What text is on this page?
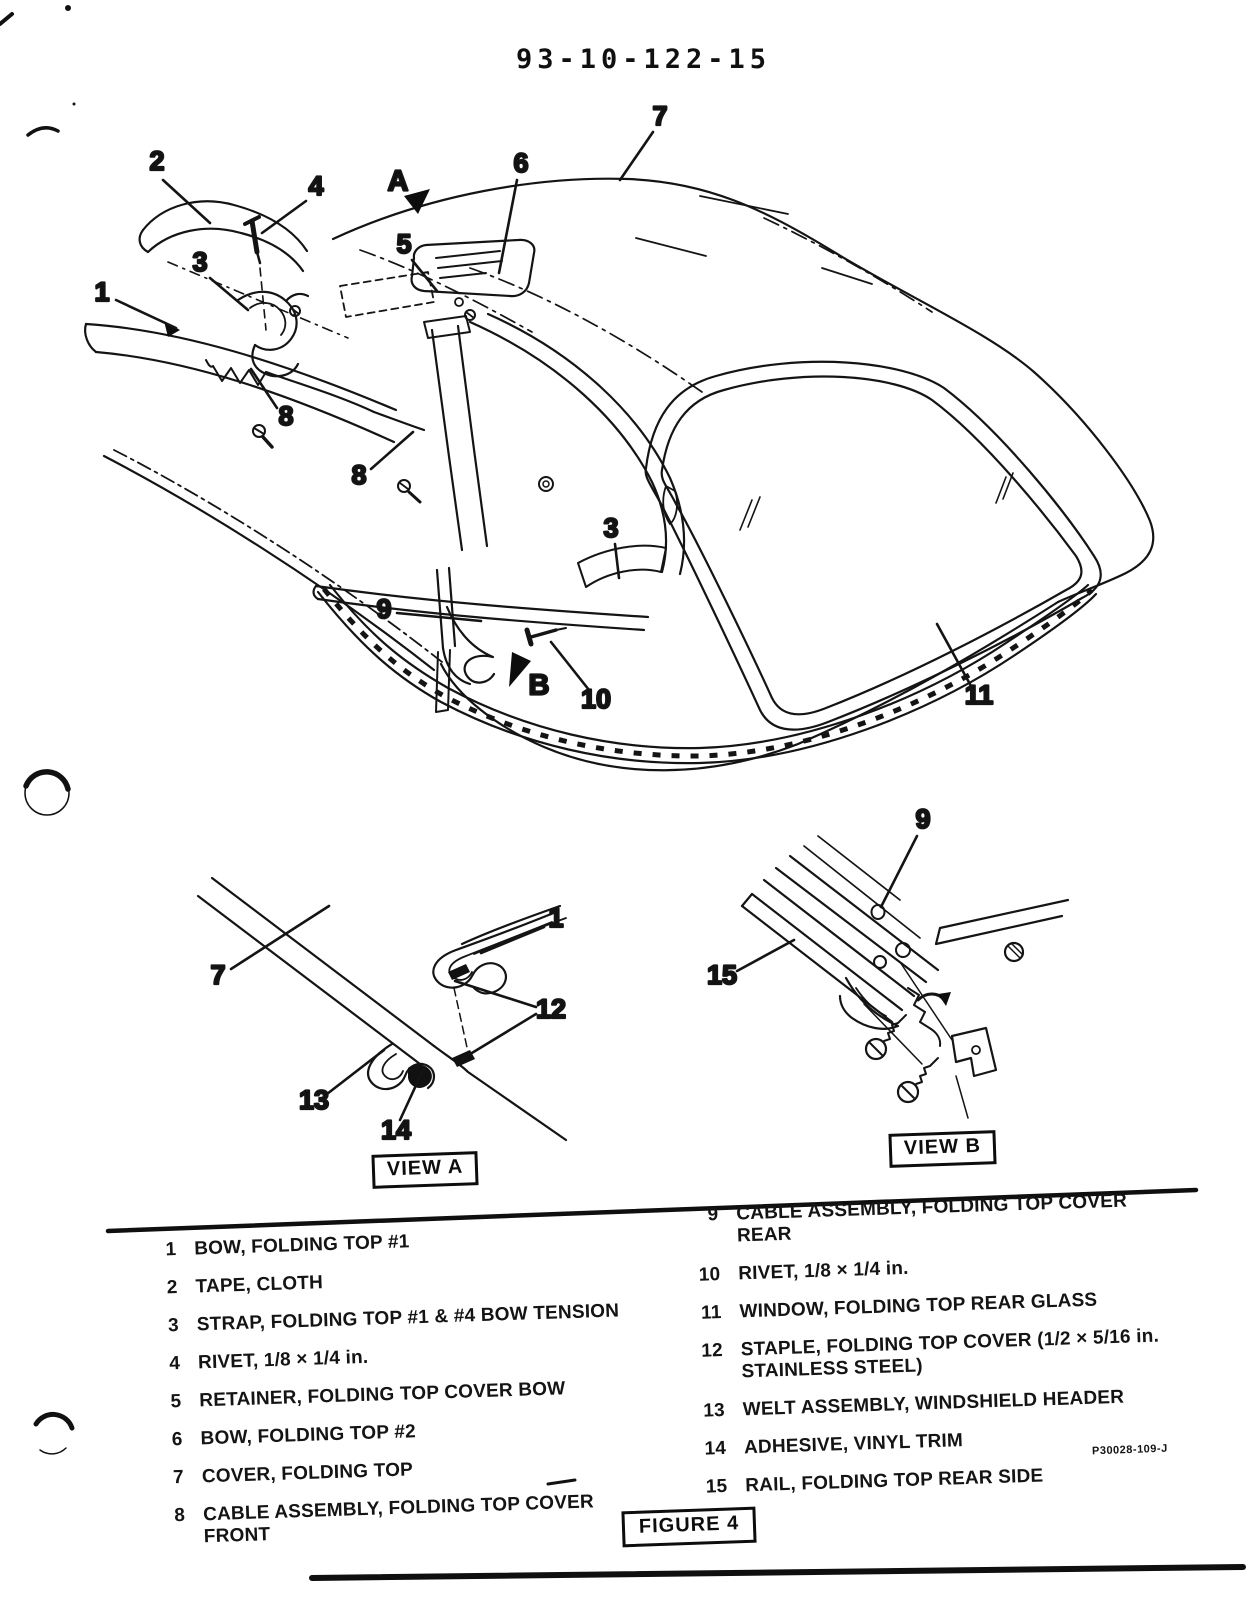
2
4
6
7
5
3
1
8
8
3
9
10	11
A
B
7
1
12
13
14
9
15
93-10-122-15
VIEW A
VIEW B
1 BOW, FOLDING TOP #1
2 TAPE, CLOTH
3 STRAP, FOLDING TOP #1 & #4 BOW TENSION
4 RIVET, 1/8 × 1/4 in.
5 RETAINER, FOLDING TOP COVER BOW
6 BOW, FOLDING TOP #2
7 COVER, FOLDING TOP
8 CABLE ASSEMBLY, FOLDING TOP COVER FRONT
9 CABLE ASSEMBLY, FOLDING TOP COVER REAR
10 RIVET, 1/8 × 1/4 in.
11 WINDOW, FOLDING TOP REAR GLASS
12 STAPLE, FOLDING TOP COVER (1/2 × 5/16 in. STAINLESS STEEL)
13 WELT ASSEMBLY, WINDSHIELD HEADER
14 ADHESIVE, VINYL TRIM
15 RAIL, FOLDING TOP REAR SIDE
P30028-109-J
FIGURE 4
